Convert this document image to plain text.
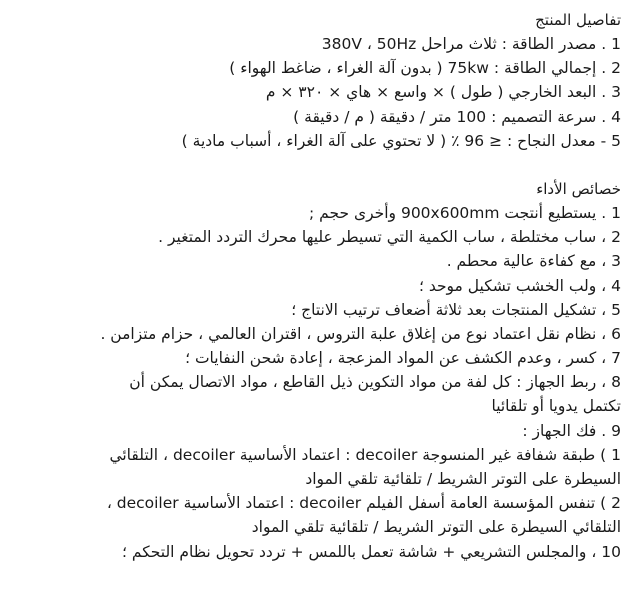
تفاصيل المنتج
1 . مصدر الطاقة : ثلاث مراحل 380V ، 50Hz
2 . إجمالي الطاقة : 75kw ( بدون آلة الغراء ، ضاغط الهواء )
3 . البعد الخارجي ( طول ) × واسع × هاي × ٣٢٠ × م
4 . سرعة التصميم : 100 متر / دقيقة ( م / دقيقة )
5 - معدل النجاح : ≤ 96 ٪ ( لا تحتوي على آلة الغراء ، أسباب مادية )
خصائص الأداء
1 . يستطيع أنتجت 900x600mm وأخرى حجم ;
2 ، ساب مختلطة ، ساب الكمية التي تسيطر عليها محرك التردد المتغير .
3 ، مع كفاءة عالية محطم .
4 ، ولب الخشب تشكيل موحد ؛
5 ، تشكيل المنتجات بعد ثلاثة أضعاف ترتيب الانتاج ؛
6 ، نظام نقل اعتماد نوع من إغلاق علبة التروس ، اقتران العالمي ، حزام متزامن .
7 ، كسر ، وعدم الكشف عن المواد المزعجة ، إعادة شحن النفايات ؛
8 ، ربط الجهاز : كل لفة من مواد التكوين ذيل القاطع ، مواد الاتصال يمكن أن
تكتمل يدويا أو تلقائيا
9 . فك الجهاز :
1 ) طبقة شفافة غير المنسوجة decoiler : اعتماد الأساسية decoiler ، التلقائي
السيطرة على التوتر الشريط / تلقائية تلقي المواد
2 ) تنفس المؤسسة العامة أسفل الفيلم decoiler : اعتماد الأساسية decoiler ،
التلقائي السيطرة على التوتر الشريط / تلقائية تلقي المواد
10 ، والمجلس التشريعي + شاشة تعمل باللمس + تردد تحويل نظام التحكم ؛
